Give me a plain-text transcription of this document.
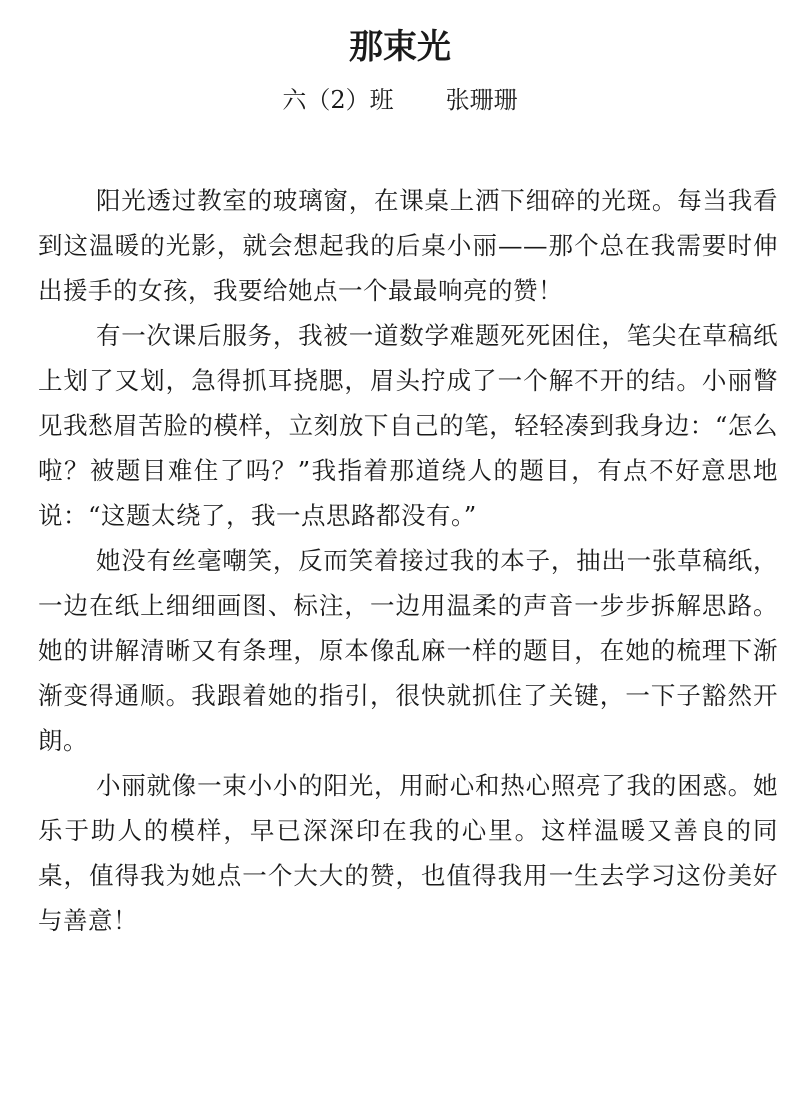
那束光
六（2）班 张珊珊

阳光透过教室的玻璃窗，在课桌上洒下细碎的光斑。每当我看到这温暖的光影，就会想起我的后桌小丽——那个总在我需要时伸出援手的女孩，我要给她点一个最最响亮的赞！

有一次课后服务，我被一道数学难题死死困住，笔尖在草稿纸上划了又划，急得抓耳挠腮，眉头拧成了一个解不开的结。小丽瞥见我愁眉苦脸的模样，立刻放下自己的笔，轻轻凑到我身边：“怎么啦？被题目难住了吗？”我指着那道绕人的题目，有点不好意思地说：“这题太绕了，我一点思路都没有。”

她没有丝毫嘲笑，反而笑着接过我的本子，抽出一张草稿纸，一边在纸上细细画图、标注，一边用温柔的声音一步步拆解思路。她的讲解清晰又有条理，原本像乱麻一样的题目，在她的梳理下渐渐变得通顺。我跟着她的指引，很快就抓住了关键，一下子豁然开朗。

小丽就像一束小小的阳光，用耐心和热心照亮了我的困惑。她乐于助人的模样，早已深深印在我的心里。这样温暖又善良的同桌，值得我为她点一个大大的赞，也值得我用一生去学习这份美好与善意！
